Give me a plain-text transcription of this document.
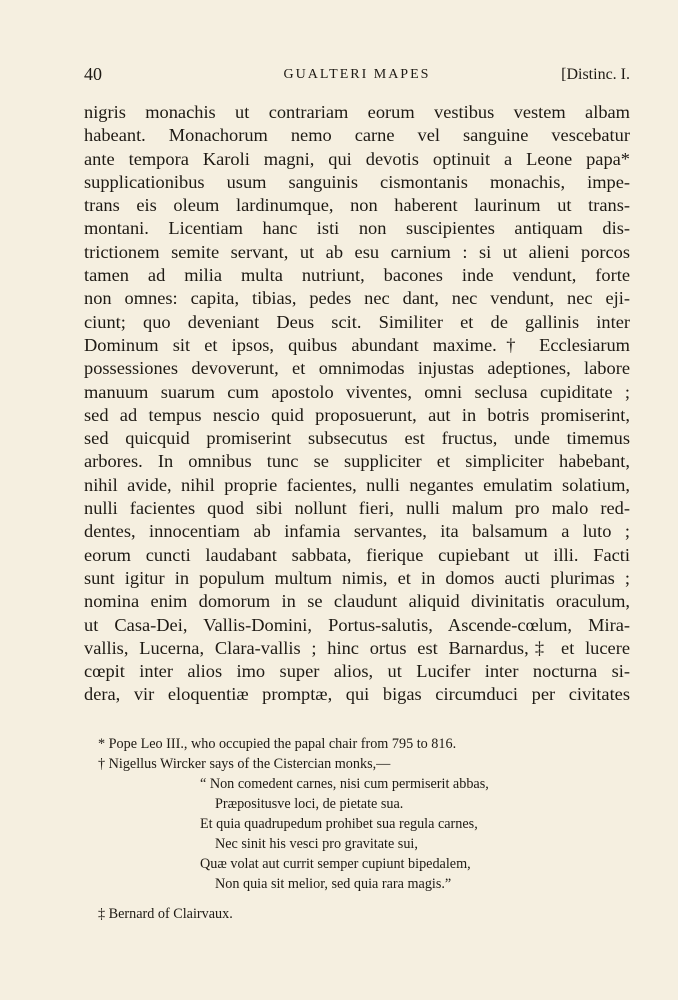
40	GUALTERI MAPES	[Distinc. I.
nigris monachis ut contrariam eorum vestibus vestem albam
habeant. Monachorum nemo carne vel sanguine vescebatur
ante tempora Karoli magni, qui devotis optinuit a Leone papa*
supplicationibus usum sanguinis cismontanis monachis, impe-
trans eis oleum lardinumque, non haberent laurinum ut trans-
montani. Licentiam hanc isti non suscipientes antiquam dis-
trictionem semite servant, ut ab esu carnium : si ut alieni porcos
tamen ad milia multa nutriunt, bacones inde vendunt, forte
non omnes: capita, tibias, pedes nec dant, nec vendunt, nec eji-
ciunt; quo deveniant Deus scit. Similiter et de gallinis inter
Dominum sit et ipsos, quibus abundant maxime.† Ecclesiarum
possessiones devoverunt, et omnimodas injustas adeptiones, labore
manuum suarum cum apostolo viventes, omni seclusa cupiditate ;
sed ad tempus nescio quid proposuerunt, aut in botris promiserint,
sed quicquid promiserint subsecutus est fructus, unde timemus
arbores. In omnibus tunc se suppliciter et simpliciter habebant,
nihil avide, nihil proprie facientes, nulli negantes emulatim solatium,
nulli facientes quod sibi nollunt fieri, nulli malum pro malo red-
dentes, innocentiam ab infamia servantes, ita balsamum a luto ;
eorum cuncti laudabant sabbata, fierique cupiebant ut illi. Facti
sunt igitur in populum multum nimis, et in domos aucti plurimas ;
nomina enim domorum in se claudunt aliquid divinitatis oraculum,
ut Casa-Dei, Vallis-Domini, Portus-salutis, Ascende-cœlum, Mira-
vallis, Lucerna, Clara-vallis ; hinc ortus est Barnardus,‡ et lucere
cœpit inter alios imo super alios, ut Lucifer inter nocturna si-
dera, vir eloquentiæ promptæ, qui bigas circumduci per civitates
* Pope Leo III., who occupied the papal chair from 795 to 816.
† Nigellus Wircker says of the Cistercian monks,—
“ Non comedent carnes, nisi cum permiserit abbas,
Præpositusve loci, de pietate sua.
Et quia quadrupedum prohibet sua regula carnes,
Nec sinit his vesci pro gravitate sui,
Quæ volat aut currit semper cupiunt bipedalem,
Non quia sit melior, sed quia rara magis.”
‡ Bernard of Clairvaux.
